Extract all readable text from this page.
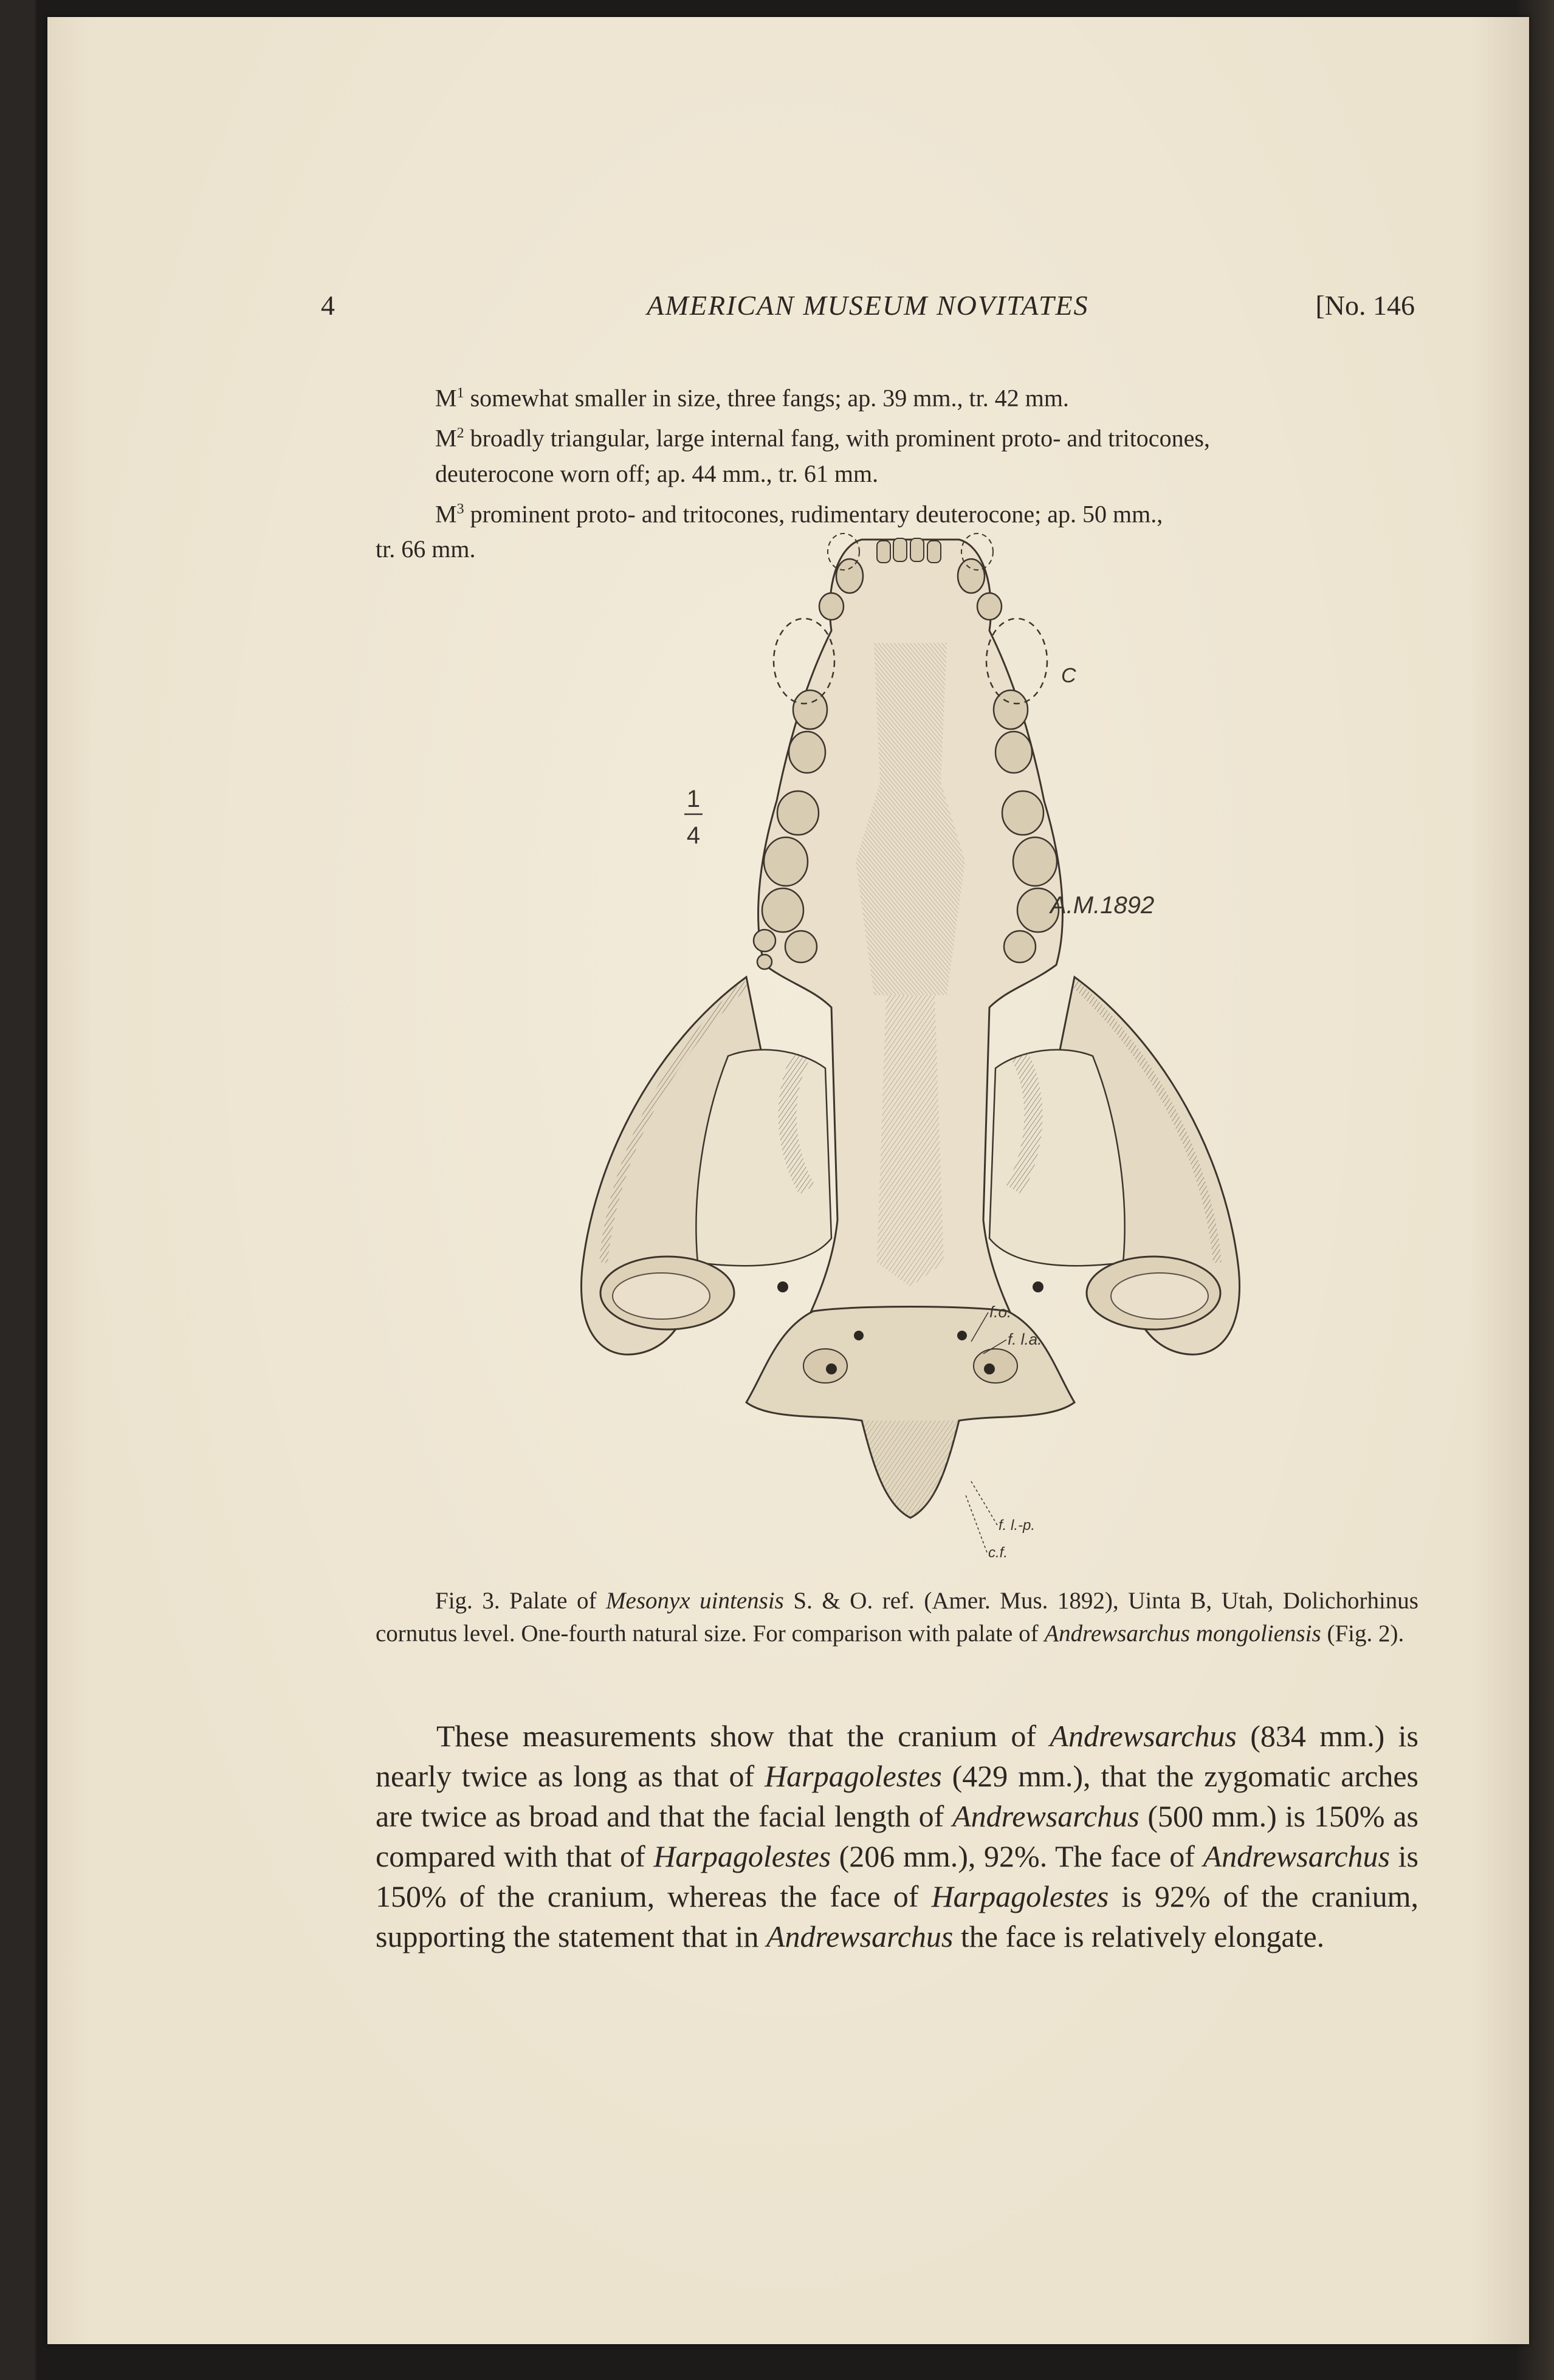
4	AMERICAN MUSEUM NOVITATES	[No. 146

$M^1$ somewhat smaller in size, three fangs; ap. 39 mm., tr. 42 mm.

$M^2$ broadly triangular, large internal fang, with prominent proto- and tritocones,

deuterocone worn off; ap. 44 mm., tr. 61 mm.

$M^3$ prominent proto- and tritocones, rudimentary deuterocone; ap. 50 mm.,

tr. 66 mm.

1
4
C
A.M.1892
f.o.
f. l.a.
f. l.-p.
c.f.

Fig. 3. Palate of Mesonyx uintensis S. & O. ref. (Amer. Mus. 1892), Uinta B, Utah, Dolichorhinus cornutus level. One-fourth natural size. For comparison with palate of Andrewsarchus mongoliensis (Fig. 2).

These measurements show that the cranium of Andrewsarchus (834 mm.) is nearly twice as long as that of Harpagolestes (429 mm.), that the zygomatic arches are twice as broad and that the facial length of Andrewsarchus (500 mm.) is 150% as compared with that of Harpagolestes (206 mm.), 92%. The face of Andrewsarchus is 150% of the cranium, whereas the face of Harpagolestes is 92% of the cranium, supporting the statement that in Andrewsarchus the face is relatively elongate.
